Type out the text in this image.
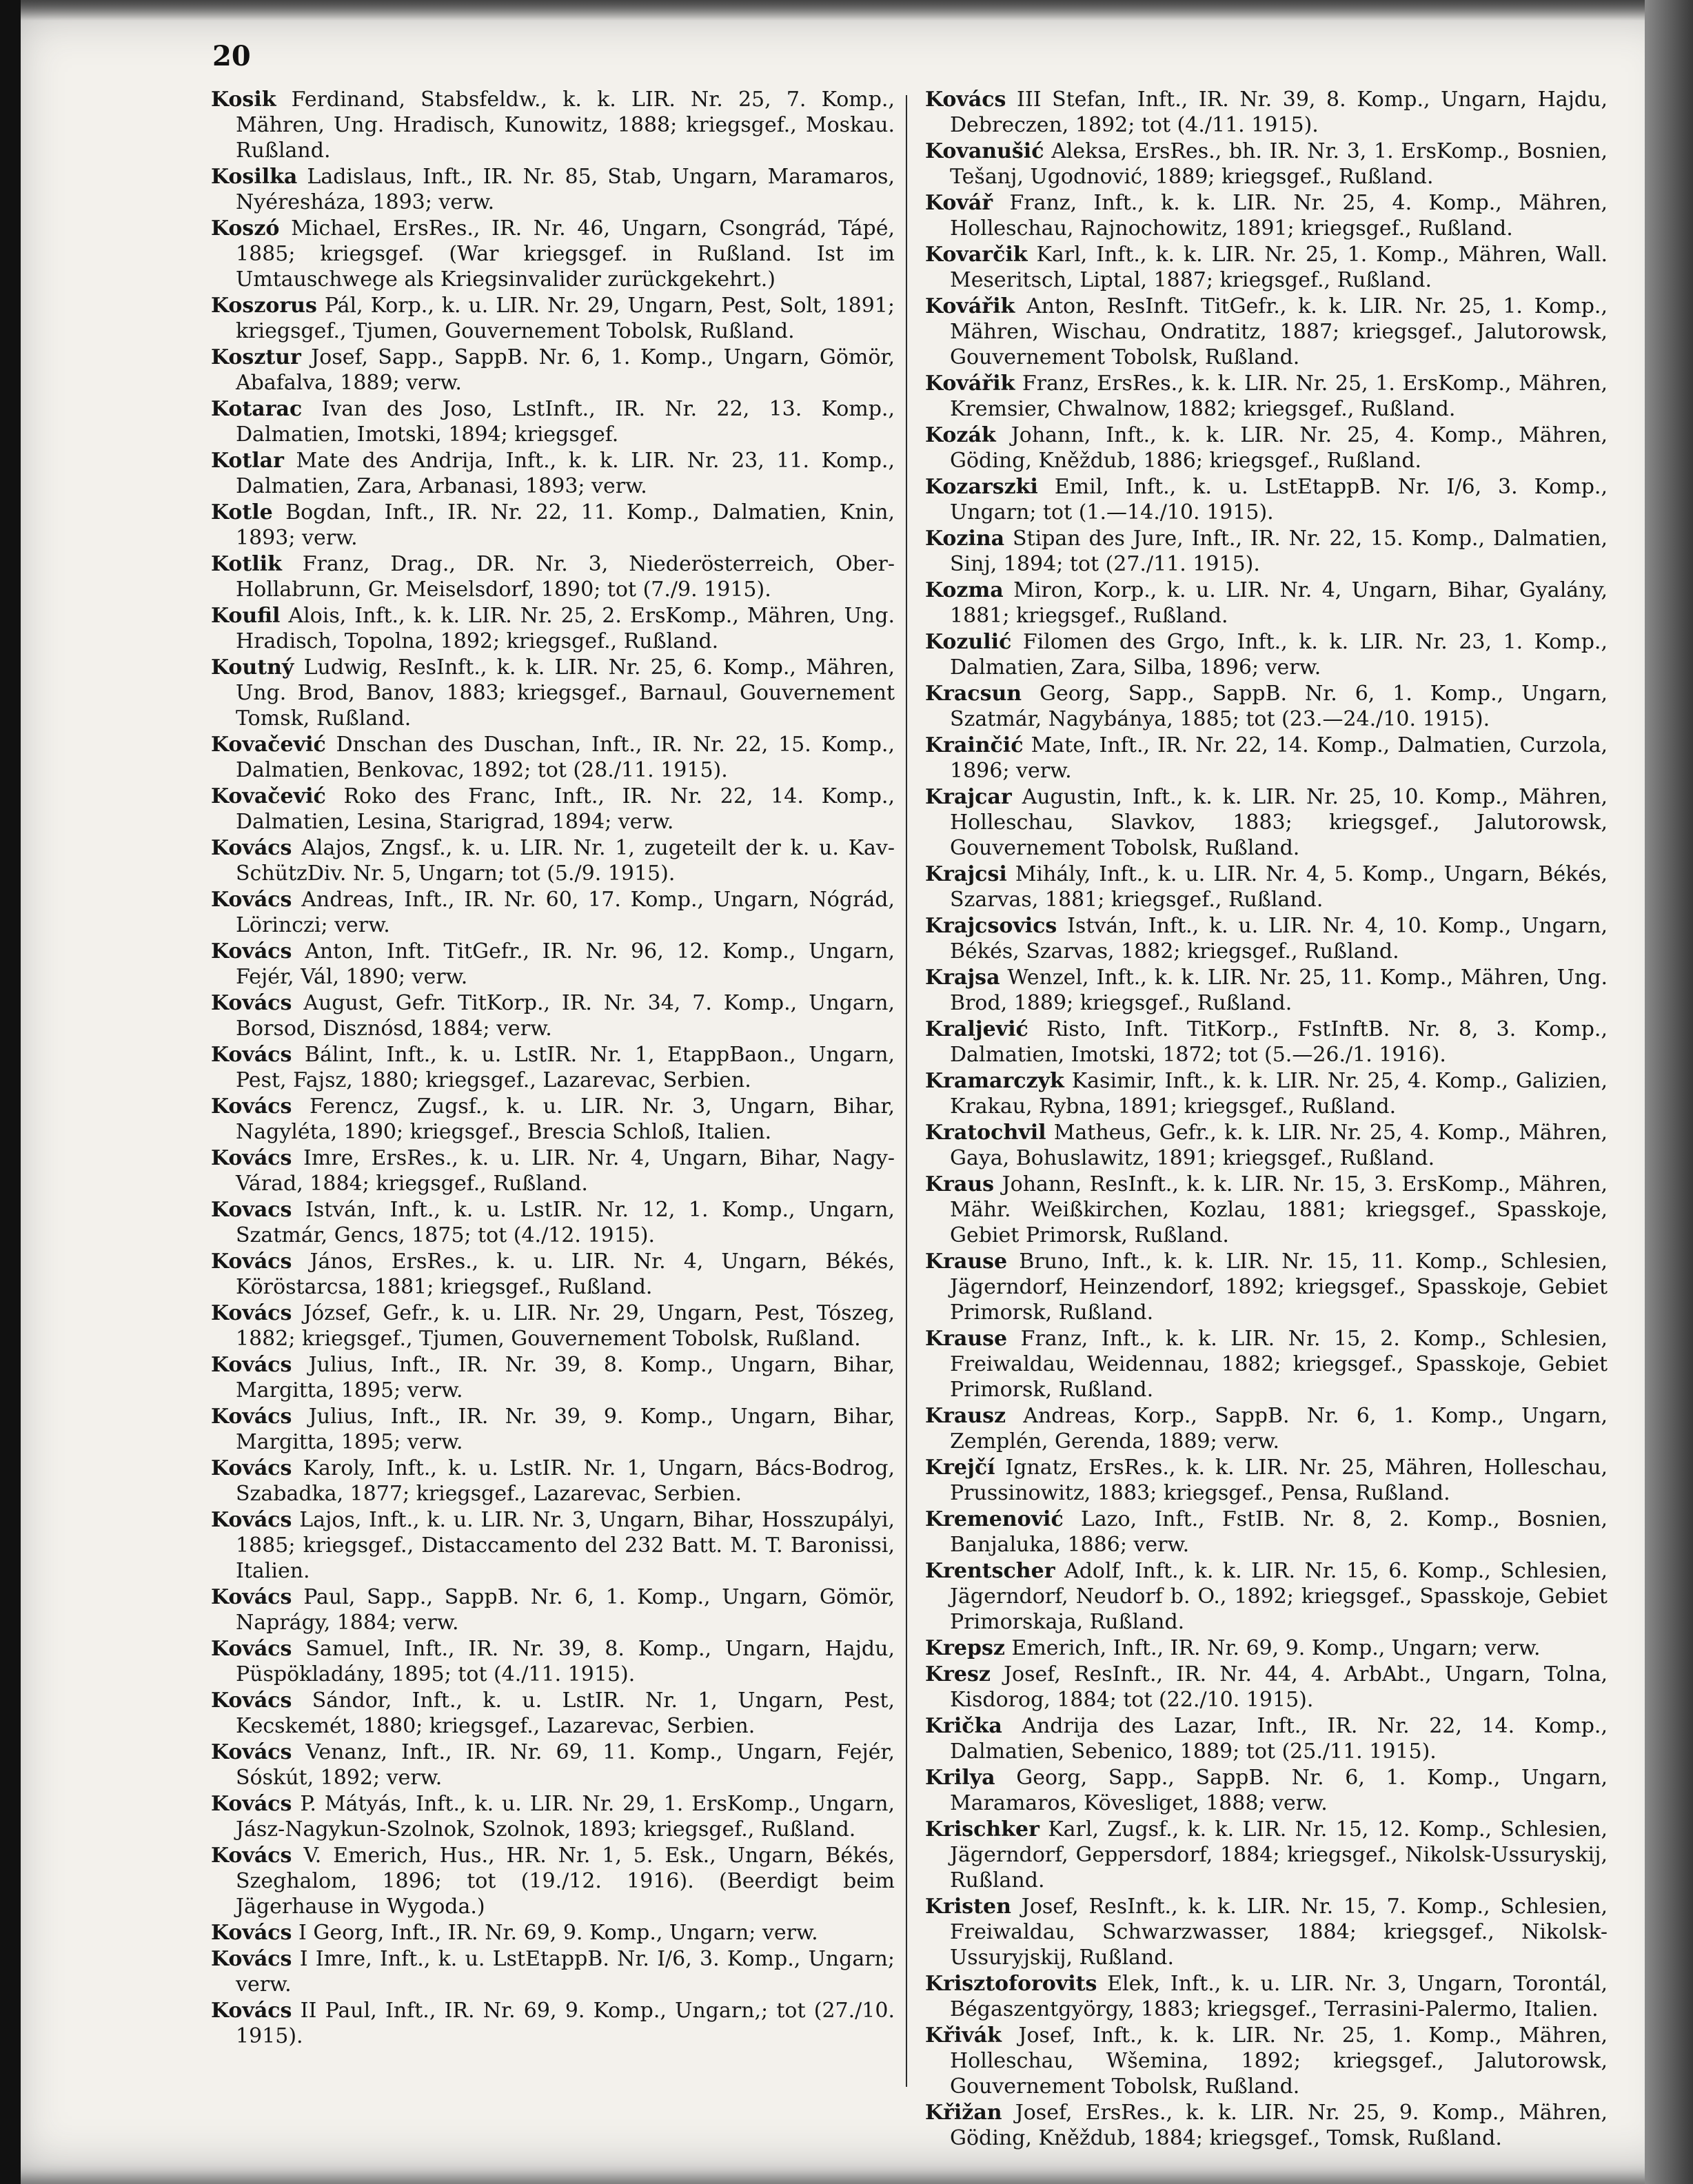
20

Kosik Ferdinand, Stabsfeldw., k. k. LIR. Nr. 25, 7. Komp., Mähren, Ung. Hradisch, Kunowitz, 1888; kriegsgef., Moskau. Rußland.

Kosilka Ladislaus, Inft., IR. Nr. 85, Stab, Ungarn, Maramaros, Nyéresháza, 1893; verw.

Koszó Michael, ErsRes., IR. Nr. 46, Ungarn, Csongrád, Tápé, 1885; kriegsgef. (War kriegsgef. in Rußland. Ist im Umtauschwege als Kriegsinvalider zurückgekehrt.)

Koszorus Pál, Korp., k. u. LIR. Nr. 29, Ungarn, Pest, Solt, 1891; kriegsgef., Tjumen, Gouvernement Tobolsk, Rußland.

Kosztur Josef, Sapp., SappB. Nr. 6, 1. Komp., Ungarn, Gömör, Abafalva, 1889; verw.

Kotarac Ivan des Joso, LstInft., IR. Nr. 22, 13. Komp., Dalmatien, Imotski, 1894; kriegsgef.

Kotlar Mate des Andrija, Inft., k. k. LIR. Nr. 23, 11. Komp., Dalmatien, Zara, Arbanasi, 1893; verw.

Kotle Bogdan, Inft., IR. Nr. 22, 11. Komp., Dalmatien, Knin, 1893; verw.

Kotlik Franz, Drag., DR. Nr. 3, Niederösterreich, Ober-Hollabrunn, Gr. Meiselsdorf, 1890; tot (7./9. 1915).

Koufil Alois, Inft., k. k. LIR. Nr. 25, 2. ErsKomp., Mähren, Ung. Hradisch, Topolna, 1892; kriegsgef., Rußland.

Koutný Ludwig, ResInft., k. k. LIR. Nr. 25, 6. Komp., Mähren, Ung. Brod, Banov, 1883; kriegsgef., Barnaul, Gouvernement Tomsk, Rußland.

Kovačević Dnschan des Duschan, Inft., IR. Nr. 22, 15. Komp., Dalmatien, Benkovac, 1892; tot (28./11. 1915).

Kovačević Roko des Franc, Inft., IR. Nr. 22, 14. Komp., Dalmatien, Lesina, Starigrad, 1894; verw.

Kovács Alajos, Zngsf., k. u. LIR. Nr. 1, zugeteilt der k. u. Kav-SchützDiv. Nr. 5, Ungarn; tot (5./9. 1915).

Kovács Andreas, Inft., IR. Nr. 60, 17. Komp., Ungarn, Nógrád, Lörinczi; verw.

Kovács Anton, Inft. TitGefr., IR. Nr. 96, 12. Komp., Ungarn, Fejér, Vál, 1890; verw.

Kovács August, Gefr. TitKorp., IR. Nr. 34, 7. Komp., Ungarn, Borsod, Disznósd, 1884; verw.

Kovács Bálint, Inft., k. u. LstIR. Nr. 1, EtappBaon., Ungarn, Pest, Fajsz, 1880; kriegsgef., Lazarevac, Serbien.

Kovács Ferencz, Zugsf., k. u. LIR. Nr. 3, Ungarn, Bihar, Nagyléta, 1890; kriegsgef., Brescia Schloß, Italien.

Kovács Imre, ErsRes., k. u. LIR. Nr. 4, Ungarn, Bihar, Nagy-Várad, 1884; kriegsgef., Rußland.

Kovacs István, Inft., k. u. LstIR. Nr. 12, 1. Komp., Ungarn, Szatmár, Gencs, 1875; tot (4./12. 1915).

Kovács János, ErsRes., k. u. LIR. Nr. 4, Ungarn, Békés, Köröstarcsa, 1881; kriegsgef., Rußland.

Kovács József, Gefr., k. u. LIR. Nr. 29, Ungarn, Pest, Tószeg, 1882; kriegsgef., Tjumen, Gouvernement Tobolsk, Rußland.

Kovács Julius, Inft., IR. Nr. 39, 8. Komp., Ungarn, Bihar, Margitta, 1895; verw.

Kovács Julius, Inft., IR. Nr. 39, 9. Komp., Ungarn, Bihar, Margitta, 1895; verw.

Kovács Karoly, Inft., k. u. LstIR. Nr. 1, Ungarn, Bács-Bodrog, Szabadka, 1877; kriegsgef., Lazarevac, Serbien.

Kovács Lajos, Inft., k. u. LIR. Nr. 3, Ungarn, Bihar, Hosszupályi, 1885; kriegsgef., Distaccamento del 232 Batt. M. T. Baronissi, Italien.

Kovács Paul, Sapp., SappB. Nr. 6, 1. Komp., Ungarn, Gömör, Naprágy, 1884; verw.

Kovács Samuel, Inft., IR. Nr. 39, 8. Komp., Ungarn, Hajdu, Püspökladány, 1895; tot (4./11. 1915).

Kovács Sándor, Inft., k. u. LstIR. Nr. 1, Ungarn, Pest, Kecskemét, 1880; kriegsgef., Lazarevac, Serbien.

Kovács Venanz, Inft., IR. Nr. 69, 11. Komp., Ungarn, Fejér, Sóskút, 1892; verw.

Kovács P. Mátyás, Inft., k. u. LIR. Nr. 29, 1. ErsKomp., Ungarn, Jász-Nagykun-Szolnok, Szolnok, 1893; kriegsgef., Rußland.

Kovács V. Emerich, Hus., HR. Nr. 1, 5. Esk., Ungarn, Békés, Szeghalom, 1896; tot (19./12. 1916). (Beerdigt beim Jägerhause in Wygoda.)

Kovács I Georg, Inft., IR. Nr. 69, 9. Komp., Ungarn; verw.

Kovács I Imre, Inft., k. u. LstEtappB. Nr. I/6, 3. Komp., Ungarn; verw.

Kovács II Paul, Inft., IR. Nr. 69, 9. Komp., Ungarn,; tot (27./10. 1915).

Kovács III Stefan, Inft., IR. Nr. 39, 8. Komp., Ungarn, Hajdu, Debreczen, 1892; tot (4./11. 1915).

Kovanušić Aleksa, ErsRes., bh. IR. Nr. 3, 1. ErsKomp., Bosnien, Tešanj, Ugodnović, 1889; kriegsgef., Rußland.

Kovář Franz, Inft., k. k. LIR. Nr. 25, 4. Komp., Mähren, Holleschau, Rajnochowitz, 1891; kriegsgef., Rußland.

Kovarčik Karl, Inft., k. k. LIR. Nr. 25, 1. Komp., Mähren, Wall. Meseritsch, Liptal, 1887; kriegsgef., Rußland.

Kovářik Anton, ResInft. TitGefr., k. k. LIR. Nr. 25, 1. Komp., Mähren, Wischau, Ondratitz, 1887; kriegsgef., Jalutorowsk, Gouvernement Tobolsk, Rußland.

Kovářik Franz, ErsRes., k. k. LIR. Nr. 25, 1. ErsKomp., Mähren, Kremsier, Chwalnow, 1882; kriegsgef., Rußland.

Kozák Johann, Inft., k. k. LIR. Nr. 25, 4. Komp., Mähren, Göding, Kněždub, 1886; kriegsgef., Rußland.

Kozarszki Emil, Inft., k. u. LstEtappB. Nr. I/6, 3. Komp., Ungarn; tot (1.—14./10. 1915).

Kozina Stipan des Jure, Inft., IR. Nr. 22, 15. Komp., Dalmatien, Sinj, 1894; tot (27./11. 1915).

Kozma Miron, Korp., k. u. LIR. Nr. 4, Ungarn, Bihar, Gyalány, 1881; kriegsgef., Rußland.

Kozulić Filomen des Grgo, Inft., k. k. LIR. Nr. 23, 1. Komp., Dalmatien, Zara, Silba, 1896; verw.

Kracsun Georg, Sapp., SappB. Nr. 6, 1. Komp., Ungarn, Szatmár, Nagybánya, 1885; tot (23.—24./10. 1915).

Krainčić Mate, Inft., IR. Nr. 22, 14. Komp., Dalmatien, Curzola, 1896; verw.

Krajcar Augustin, Inft., k. k. LIR. Nr. 25, 10. Komp., Mähren, Holleschau, Slavkov, 1883; kriegsgef., Jalutorowsk, Gouvernement Tobolsk, Rußland.

Krajcsi Mihály, Inft., k. u. LIR. Nr. 4, 5. Komp., Ungarn, Békés, Szarvas, 1881; kriegsgef., Rußland.

Krajcsovics István, Inft., k. u. LIR. Nr. 4, 10. Komp., Ungarn, Békés, Szarvas, 1882; kriegsgef., Rußland.

Krajsa Wenzel, Inft., k. k. LIR. Nr. 25, 11. Komp., Mähren, Ung. Brod, 1889; kriegsgef., Rußland.

Kraljević Risto, Inft. TitKorp., FstInftB. Nr. 8, 3. Komp., Dalmatien, Imotski, 1872; tot (5.—26./1. 1916).

Kramarczyk Kasimir, Inft., k. k. LIR. Nr. 25, 4. Komp., Galizien, Krakau, Rybna, 1891; kriegsgef., Rußland.

Kratochvil Matheus, Gefr., k. k. LIR. Nr. 25, 4. Komp., Mähren, Gaya, Bohuslawitz, 1891; kriegsgef., Rußland.

Kraus Johann, ResInft., k. k. LIR. Nr. 15, 3. ErsKomp., Mähren, Mähr. Weißkirchen, Kozlau, 1881; kriegsgef., Spasskoje, Gebiet Primorsk, Rußland.

Krause Bruno, Inft., k. k. LIR. Nr. 15, 11. Komp., Schlesien, Jägerndorf, Heinzendorf, 1892; kriegsgef., Spasskoje, Gebiet Primorsk, Rußland.

Krause Franz, Inft., k. k. LIR. Nr. 15, 2. Komp., Schlesien, Freiwaldau, Weidennau, 1882; kriegsgef., Spasskoje, Gebiet Primorsk, Rußland.

Krausz Andreas, Korp., SappB. Nr. 6, 1. Komp., Ungarn, Zemplén, Gerenda, 1889; verw.

Krejčí Ignatz, ErsRes., k. k. LIR. Nr. 25, Mähren, Holleschau, Prussinowitz, 1883; kriegsgef., Pensa, Rußland.

Kremenović Lazo, Inft., FstIB. Nr. 8, 2. Komp., Bosnien, Banjaluka, 1886; verw.

Krentscher Adolf, Inft., k. k. LIR. Nr. 15, 6. Komp., Schlesien, Jägerndorf, Neudorf b. O., 1892; kriegsgef., Spasskoje, Gebiet Primorskaja, Rußland.

Krepsz Emerich, Inft., IR. Nr. 69, 9. Komp., Ungarn; verw.

Kresz Josef, ResInft., IR. Nr. 44, 4. ArbAbt., Ungarn, Tolna, Kisdorog, 1884; tot (22./10. 1915).

Krička Andrija des Lazar, Inft., IR. Nr. 22, 14. Komp., Dalmatien, Sebenico, 1889; tot (25./11. 1915).

Krilya Georg, Sapp., SappB. Nr. 6, 1. Komp., Ungarn, Maramaros, Kövesliget, 1888; verw.

Krischker Karl, Zugsf., k. k. LIR. Nr. 15, 12. Komp., Schlesien, Jägerndorf, Geppersdorf, 1884; kriegsgef., Nikolsk-Ussuryskij, Rußland.

Kristen Josef, ResInft., k. k. LIR. Nr. 15, 7. Komp., Schlesien, Freiwaldau, Schwarzwasser, 1884; kriegsgef., Nikolsk-Ussuryjskij, Rußland.

Krisztoforovits Elek, Inft., k. u. LIR. Nr. 3, Ungarn, Torontál, Bégaszentgyörgy, 1883; kriegsgef., Terrasini-Palermo, Italien.

Křivák Josef, Inft., k. k. LIR. Nr. 25, 1. Komp., Mähren, Holleschau, Wšemina, 1892; kriegsgef., Jalutorowsk, Gouvernement Tobolsk, Rußland.

Křižan Josef, ErsRes., k. k. LIR. Nr. 25, 9. Komp., Mähren, Göding, Kněždub, 1884; kriegsgef., Tomsk, Rußland.
